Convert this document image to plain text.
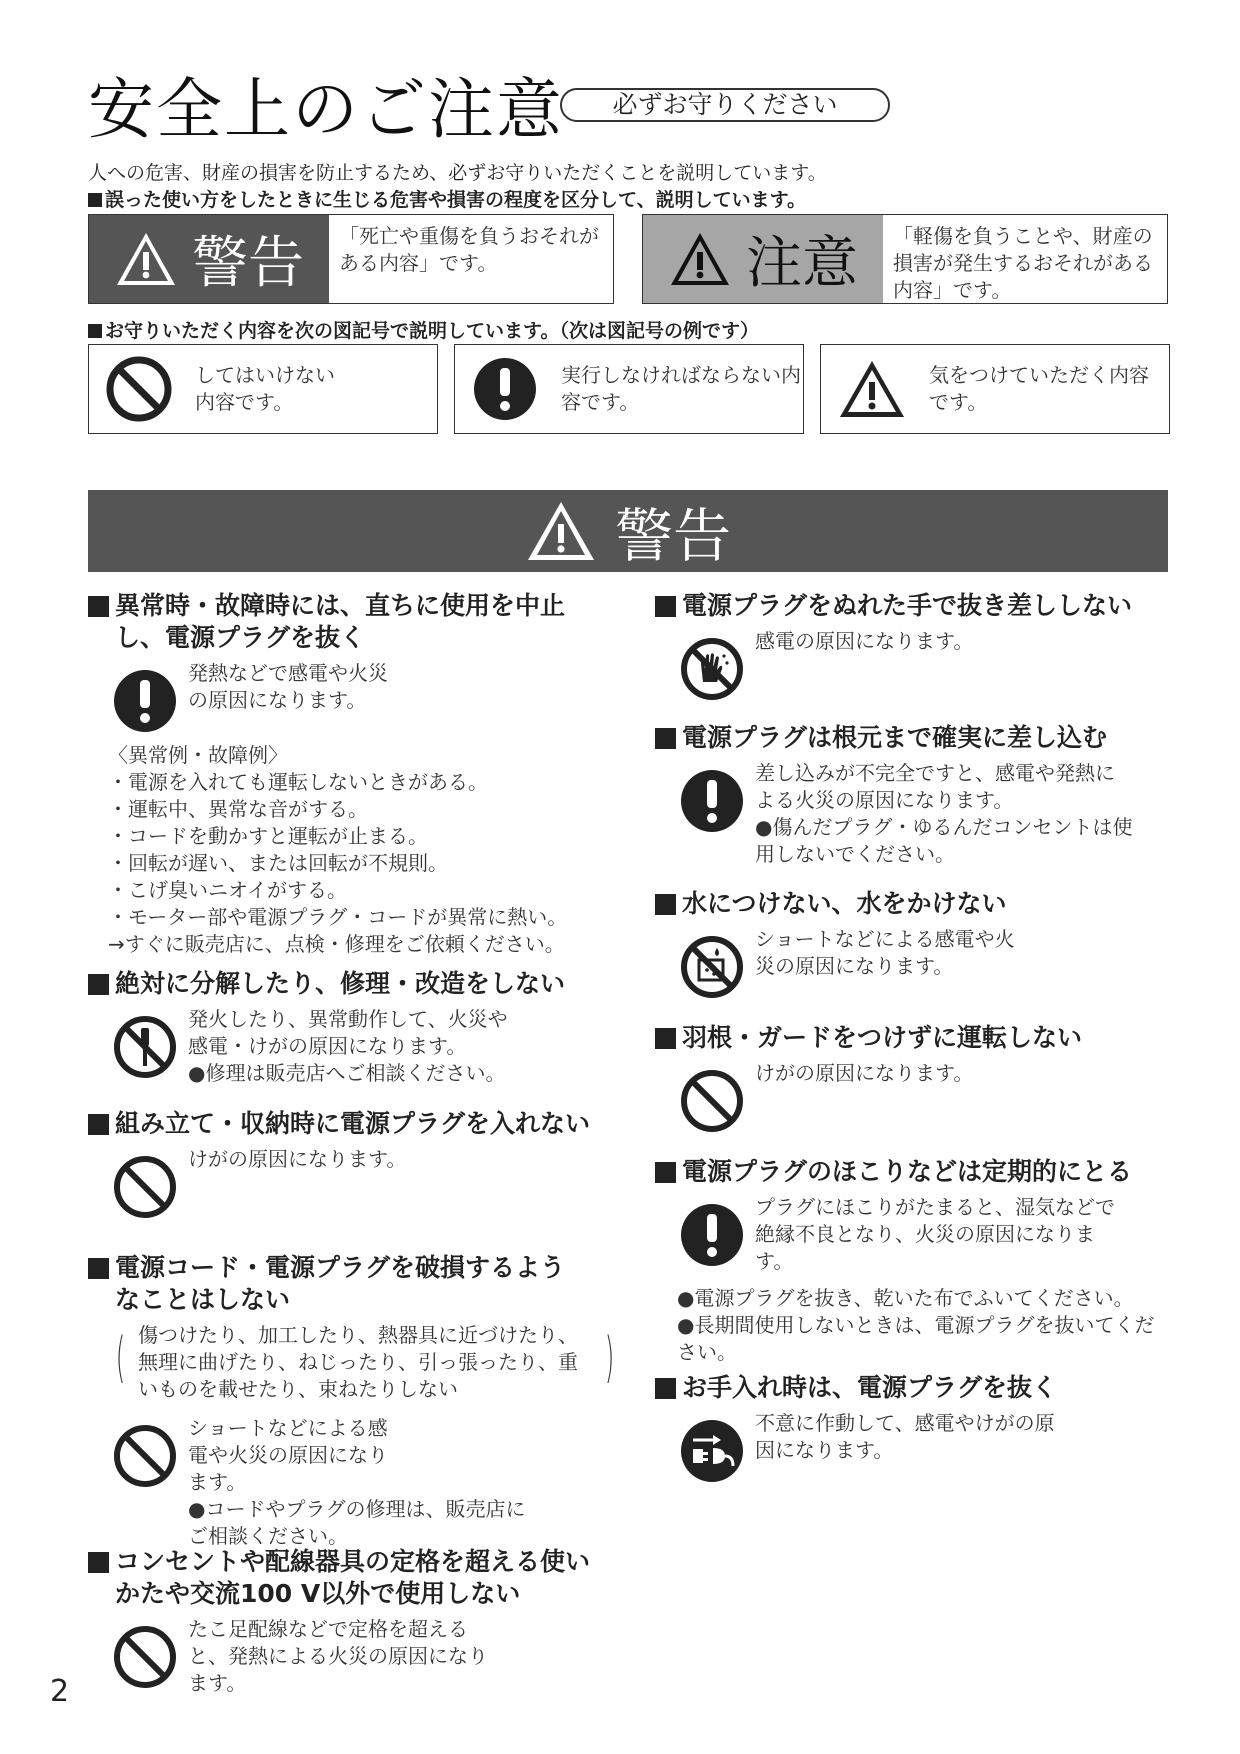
安全上のご注意	必ずお守りください
人への危害、財産の損害を防止するため、必ずお守りいただくことを説明しています。
誤った使い方をしたときに生じる危害や損害の程度を区分して、説明しています。
警告	「死亡や重傷を負うおそれがある内容」です。	注意	「軽傷を負うことや、財産の損害が発生するおそれがある内容」です。
お守りいただく内容を次の図記号で説明しています。（次は図記号の例です）
してはいけない内容です。
実行しなければならない内容です。
気をつけていただく内容です。
警告
異常時・故障時には、直ちに使用を中止し、電源プラグを抜く
発熱などで感電や火災の原因になります。
〈異常例・故障例〉
・電源を入れても運転しないときがある。
・運転中、異常な音がする。
・コードを動かすと運転が止まる。
・回転が遅い、または回転が不規則。
・こげ臭いニオイがする。
・モーター部や電源プラグ・コードが異常に熱い。
→すぐに販売店に、点検・修理をご依頼ください。
絶対に分解したり、修理・改造をしない
発火したり、異常動作して、火災や感電・けがの原因になります。
●修理は販売店へご相談ください。
組み立て・収納時に電源プラグを入れない
けがの原因になります。
電源コード・電源プラグを破損するようなことはしない
( 傷つけたり、加工したり、熱器具に近づけたり、無理に曲げたり、ねじったり、引っ張ったり、重いものを載せたり、束ねたりしない	)
ショートなどによる感電や火災の原因になります。
●コードやプラグの修理は、販売店にご相談ください。
コンセントや配線器具の定格を超える使いかたや交流100 V以外で使用しない
たこ足配線などで定格を超えると、発熱による火災の原因になります。
電源プラグをぬれた手で抜き差ししない
感電の原因になります。
電源プラグは根元まで確実に差し込む
差し込みが不完全ですと、感電や発熱による火災の原因になります。
●傷んだプラグ・ゆるんだコンセントは使用しないでください。
水につけない、水をかけない
ショートなどによる感電や火災の原因になります。
羽根・ガードをつけずに運転しない
けがの原因になります。
電源プラグのほこりなどは定期的にとる
プラグにほこりがたまると、湿気などで絶縁不良となり、火災の原因になります。
●電源プラグを抜き、乾いた布でふいてください。
●長期間使用しないときは、電源プラグを抜いてください。
お手入れ時は、電源プラグを抜く
不意に作動して、感電やけがの原因になります。
2
